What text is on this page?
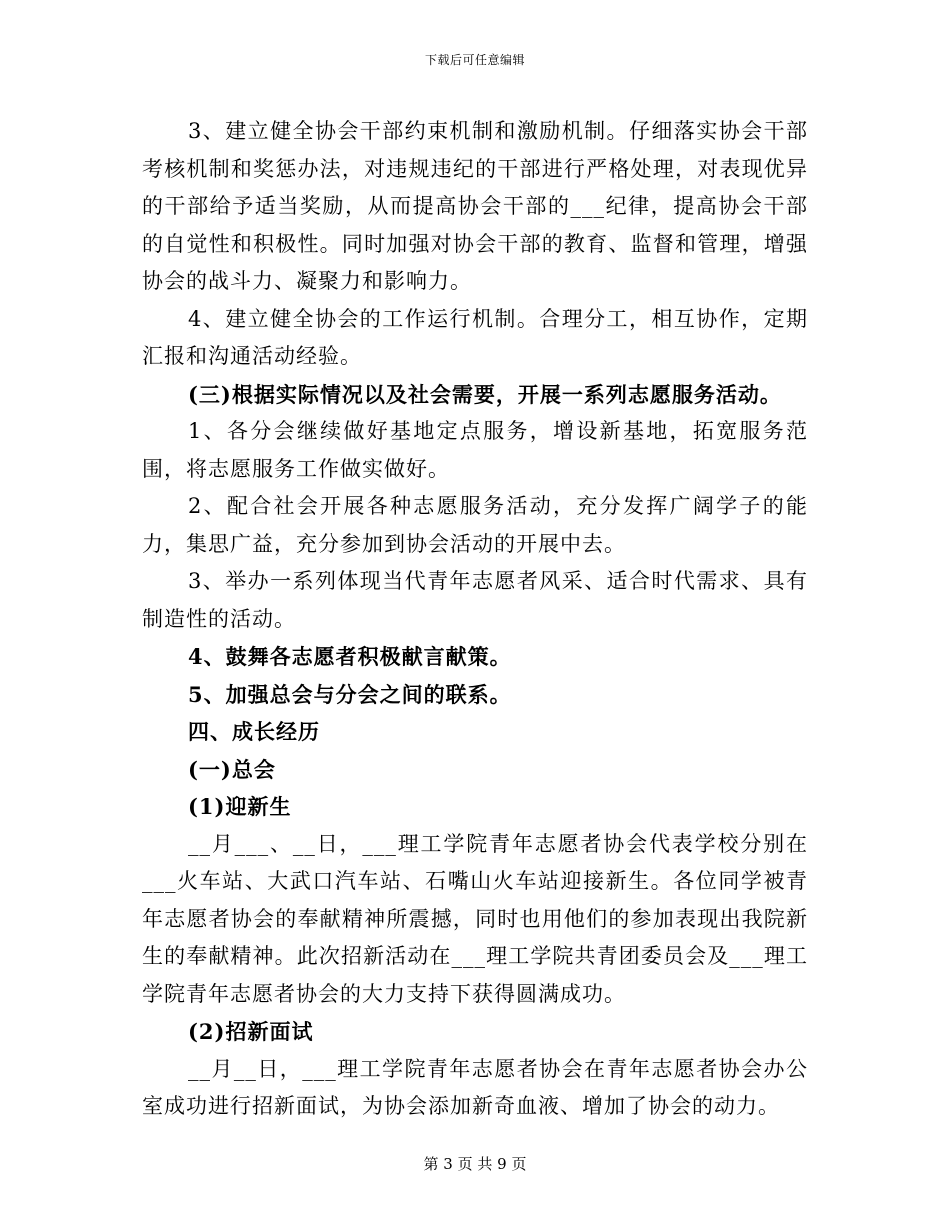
下载后可任意编辑

3、建立健全协会干部约束机制和激励机制。仔细落实协会干部考核机制和奖惩办法，对违规违纪的干部进行严格处理，对表现优异的干部给予适当奖励，从而提高协会干部的___纪律，提高协会干部的自觉性和积极性。同时加强对协会干部的教育、监督和管理，增强协会的战斗力、凝聚力和影响力。

4、建立健全协会的工作运行机制。合理分工，相互协作，定期汇报和沟通活动经验。

(三)根据实际情况以及社会需要，开展一系列志愿服务活动。

1、各分会继续做好基地定点服务，增设新基地，拓宽服务范围，将志愿服务工作做实做好。

2、配合社会开展各种志愿服务活动，充分发挥广阔学子的能力，集思广益，充分参加到协会活动的开展中去。

3、举办一系列体现当代青年志愿者风采、适合时代需求、具有制造性的活动。

4、鼓舞各志愿者积极献言献策。

5、加强总会与分会之间的联系。

四、成长经历

(一)总会

(1)迎新生

__月___、__日，___理工学院青年志愿者协会代表学校分别在___火车站、大武口汽车站、石嘴山火车站迎接新生。各位同学被青年志愿者协会的奉献精神所震撼，同时也用他们的参加表现出我院新生的奉献精神。此次招新活动在___理工学院共青团委员会及___理工学院青年志愿者协会的大力支持下获得圆满成功。

(2)招新面试

__月__日，___理工学院青年志愿者协会在青年志愿者协会办公室成功进行招新面试，为协会添加新奇血液、增加了协会的动力。

第 3 页 共 9 页
